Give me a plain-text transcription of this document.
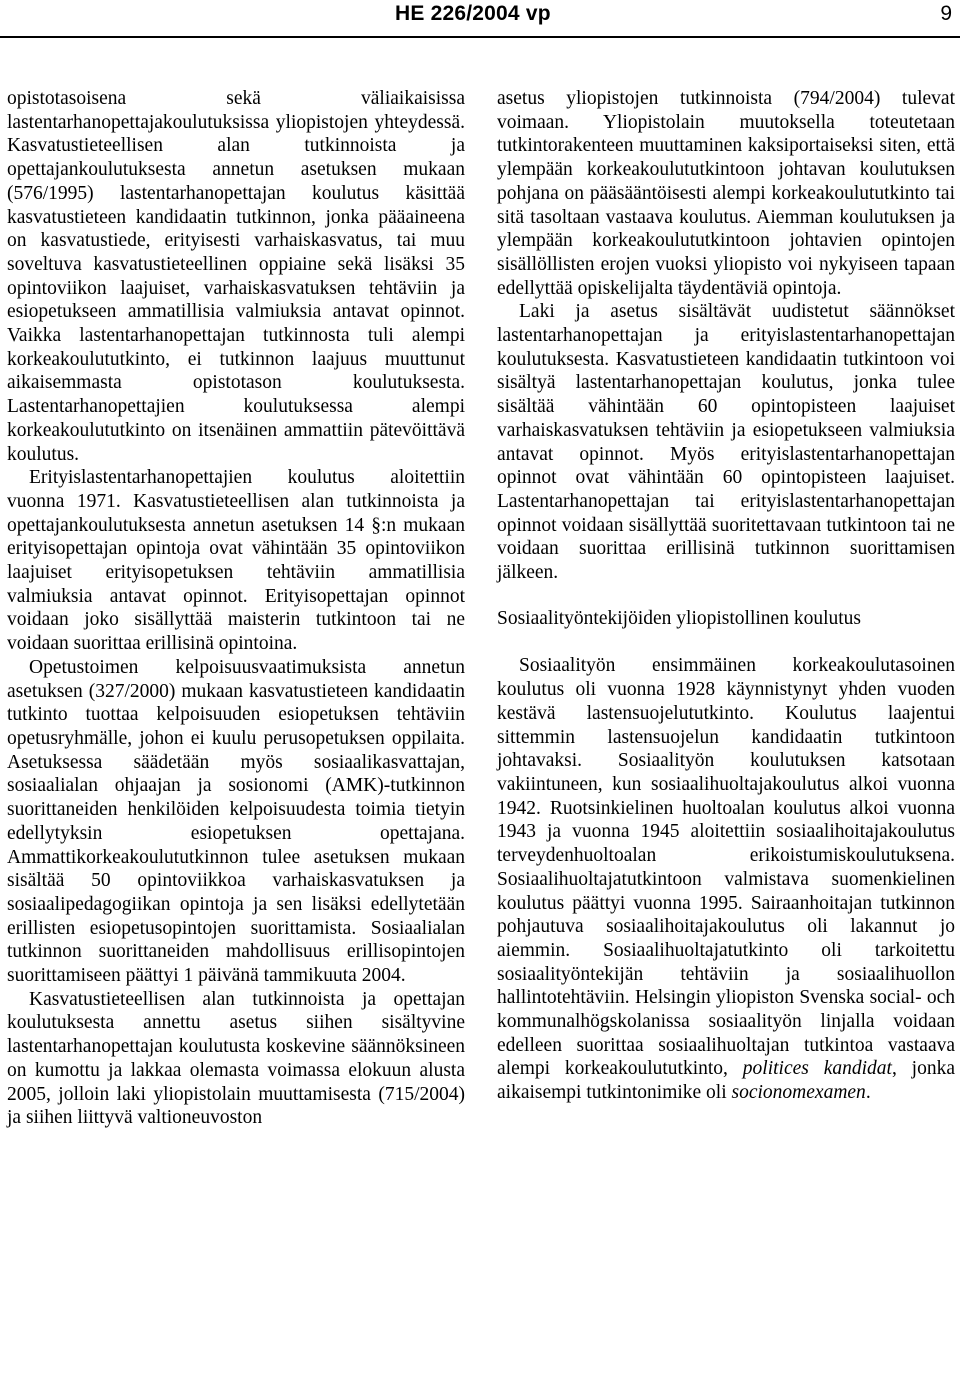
HE 226/2004 vp	9

opistotasoisena sekä väliaikaisissa lastentarhanopettajakoulutuksissa yliopistojen yhteydessä. Kasvatustieteellisen alan tutkinnoista ja opettajankoulutuksesta annetun asetuksen mukaan (576/1995) lastentarhanopettajan koulutus käsittää kasvatustieteen kandidaatin tutkinnon, jonka pääaineena on kasvatustiede, erityisesti varhaiskasvatus, tai muu soveltuva kasvatustieteellinen oppiaine sekä lisäksi 35 opintoviikon laajuiset, varhaiskasvatuksen tehtäviin ja esiopetukseen ammatillisia valmiuksia antavat opinnot. Vaikka lastentarhanopettajan tutkinnosta tuli alempi korkeakoulututkinto, ei tutkinnon laajuus muuttunut aikaisemmasta opistotason koulutuksesta. Lastentarhanopettajien koulutuksessa alempi korkeakoulututkinto on itsenäinen ammattiin pätevöittävä koulutus.

Erityislastentarhanopettajien koulutus aloitettiin vuonna 1971. Kasvatustieteellisen alan tutkinnoista ja opettajankoulutuksesta annetun asetuksen 14 §:n mukaan erityisopettajan opintoja ovat vähintään 35 opintoviikon laajuiset erityisopetuksen tehtäviin ammatillisia valmiuksia antavat opinnot. Erityisopettajan opinnot voidaan joko sisällyttää maisterin tutkintoon tai ne voidaan suorittaa erillisinä opintoina.

Opetustoimen kelpoisuusvaatimuksista annetun asetuksen (327/2000) mukaan kasvatustieteen kandidaatin tutkinto tuottaa kelpoisuuden esiopetuksen tehtäviin opetusryhmälle, johon ei kuulu perusopetuksen oppilaita. Asetuksessa säädetään myös sosiaalikasvattajan, sosiaalialan ohjaajan ja sosionomi (AMK)-tutkinnon suorittaneiden henkilöiden kelpoisuudesta toimia tietyin edellytyksin esiopetuksen opettajana. Ammattikorkeakoulututkinnon tulee asetuksen mukaan sisältää 50 opintoviikkoa varhaiskasvatuksen ja sosiaalipedagogiikan opintoja ja sen lisäksi edellytetään erillisten esiopetusopintojen suorittamista. Sosiaalialan tutkinnon suorittaneiden mahdollisuus erillisopintojen suorittamiseen päättyi 1 päivänä tammikuuta 2004.

Kasvatustieteellisen alan tutkinnoista ja opettajan koulutuksesta annettu asetus siihen sisältyvine lastentarhanopettajan koulutusta koskevine säännöksineen on kumottu ja lakkaa olemasta voimassa elokuun alusta 2005, jolloin laki yliopistolain muuttamisesta (715/2004) ja siihen liittyvä valtioneuvoston

asetus yliopistojen tutkinnoista (794/2004) tulevat voimaan. Yliopistolain muutoksella toteutetaan tutkintorakenteen muuttaminen kaksiportaiseksi siten, että ylempään korkeakoulututkintoon johtavan koulutuksen pohjana on pääsääntöisesti alempi korkeakoulututkinto tai sitä tasoltaan vastaava koulutus. Aiemman koulutuksen ja ylempään korkeakoulututkintoon johtavien opintojen sisällöllisten erojen vuoksi yliopisto voi nykyiseen tapaan edellyttää opiskelijalta täydentäviä opintoja.

Laki ja asetus sisältävät uudistetut säännökset lastentarhanopettajan ja erityislastentarhanopettajan koulutuksesta. Kasvatustieteen kandidaatin tutkintoon voi sisältyä lastentarhanopettajan koulutus, jonka tulee sisältää vähintään 60 opintopisteen laajuiset varhaiskasvatuksen tehtäviin ja esiopetukseen valmiuksia antavat opinnot. Myös erityislastentarhanopettajan opinnot ovat vähintään 60 opintopisteen laajuiset. Lastentarhanopettajan tai erityislastentarhanopettajan opinnot voidaan sisällyttää suoritettavaan tutkintoon tai ne voidaan suorittaa erillisinä tutkinnon suorittamisen jälkeen.

Sosiaalityöntekijöiden yliopistollinen koulutus

Sosiaalityön ensimmäinen korkeakoulutasoinen koulutus oli vuonna 1928 käynnistynyt yhden vuoden kestävä lastensuojelututkinto. Koulutus laajentui sittemmin lastensuojelun kandidaatin tutkintoon johtavaksi. Sosiaalityön koulutuksen katsotaan vakiintuneen, kun sosiaalihuoltajakoulutus alkoi vuonna 1942. Ruotsinkielinen huoltoalan koulutus alkoi vuonna 1943 ja vuonna 1945 aloitettiin sosiaalihoitajakoulutus terveydenhuoltoalan erikoistumiskoulutuksena. Sosiaalihuoltajatutkintoon valmistava suomenkielinen koulutus päättyi vuonna 1995. Sairaanhoitajan tutkinnon pohjautuva sosiaalihoitajakoulutus oli lakannut jo aiemmin. Sosiaalihuoltajatutkinto oli tarkoitettu sosiaalityöntekijän tehtäviin ja sosiaalihuollon hallintotehtäviin. Helsingin yliopiston Svenska social- och kommunalhögskolanissa sosiaalityön linjalla voidaan edelleen suorittaa sosiaalihuoltajan tutkintoa vastaava alempi korkeakoulututkinto, politices kandidat, jonka aikaisempi tutkintonimike oli socionomexamen.
